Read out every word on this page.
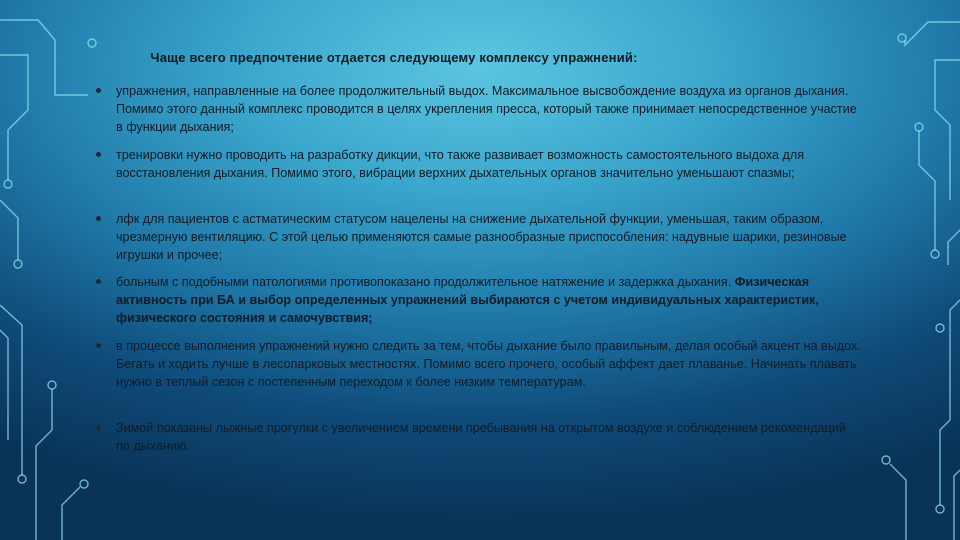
Чаще всего предпочтение отдается следующему комплексу упражнений:
упражнения, направленные на более продолжительный выдох. Максимальное высвобождение воздуха из органов дыхания. Помимо этого данный комплекс проводится в целях укрепления пресса, который также принимает непосредственное участие в функции дыхания;
тренировки нужно проводить на разработку дикции, что также развивает возможность самостоятельного выдоха для восстановления дыхания. Помимо этого, вибрации верхних дыхательных органов значительно уменьшают спазмы;
лфк для пациентов с астматическим статусом нацелены на снижение дыхательной функции, уменьшая, таким образом, чрезмерную вентиляцию. С этой целью применяются самые разнообразные приспособления: надувные шарики, резиновые игрушки и прочее;
больным с подобными патологиями противопоказано продолжительное натяжение и задержка дыхания. Физическая активность при БА и выбор определенных упражнений выбираются с учетом индивидуальных характеристик, физического состояния и самочувствия;
в процессе выполнения упражнений нужно следить за тем, чтобы дыхание было правильным, делая особый акцент на выдох. Бегать и ходить лучше в лесопарковых местностях. Помимо всего прочего, особый аффект дает плаванье. Начинать плавать нужно в теплый сезон с постепенным переходом к более низким температурам.
Зимой показаны лыжные прогулки с увеличением времени пребывания на открытом воздухе и соблюдением рекомендаций по дыханию.
